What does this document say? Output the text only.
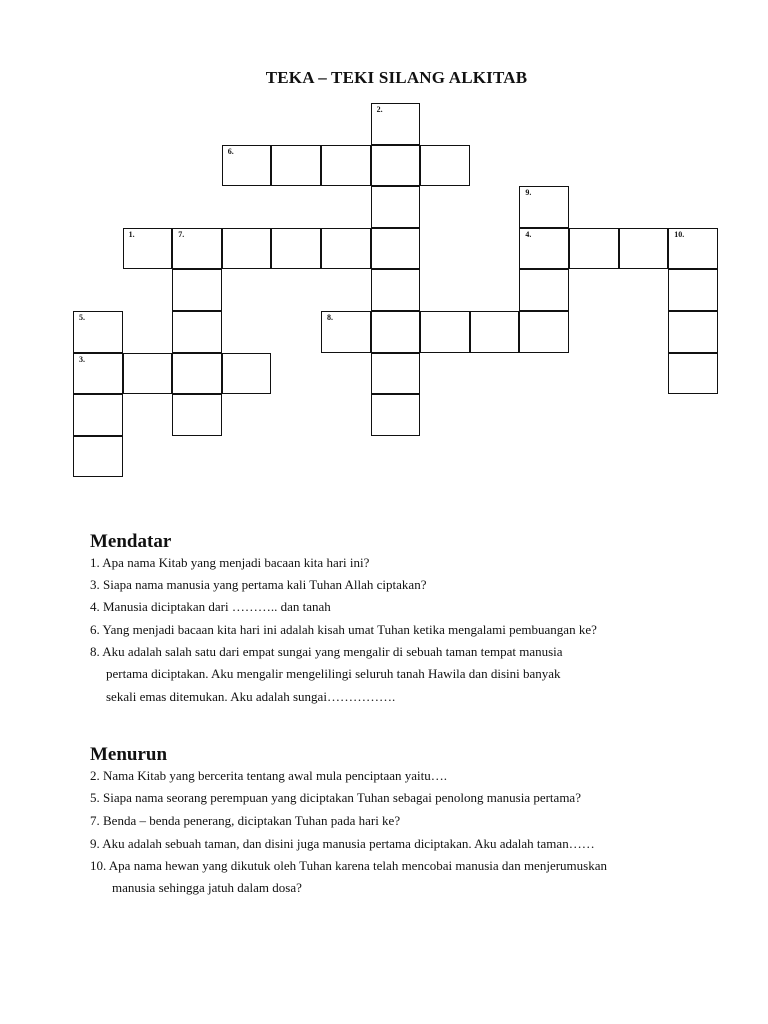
TEKA – TEKI SILANG ALKITAB
2.
6.
9.
1.	7.	4.	10.
5.	8.
3.
Mendatar
1. Apa nama Kitab yang menjadi bacaan kita hari ini?
3. Siapa nama manusia yang pertama kali Tuhan Allah ciptakan?
4. Manusia diciptakan dari ……….. dan tanah
6. Yang menjadi bacaan kita hari ini adalah kisah umat Tuhan ketika mengalami pembuangan ke?
8. Aku adalah salah satu dari empat sungai yang mengalir di sebuah taman tempat manusia
pertama diciptakan. Aku mengalir mengelilingi seluruh tanah Hawila dan disini banyak
sekali emas ditemukan. Aku adalah sungai…………….
Menurun
2. Nama Kitab yang bercerita tentang awal mula penciptaan yaitu….
5. Siapa nama seorang perempuan yang diciptakan Tuhan sebagai penolong manusia pertama?
7. Benda – benda penerang, diciptakan Tuhan pada hari ke?
9. Aku adalah sebuah taman, dan disini juga manusia pertama diciptakan. Aku adalah taman……
10. Apa nama hewan yang dikutuk oleh Tuhan karena telah mencobai manusia dan menjerumuskan
manusia sehingga jatuh dalam dosa?
